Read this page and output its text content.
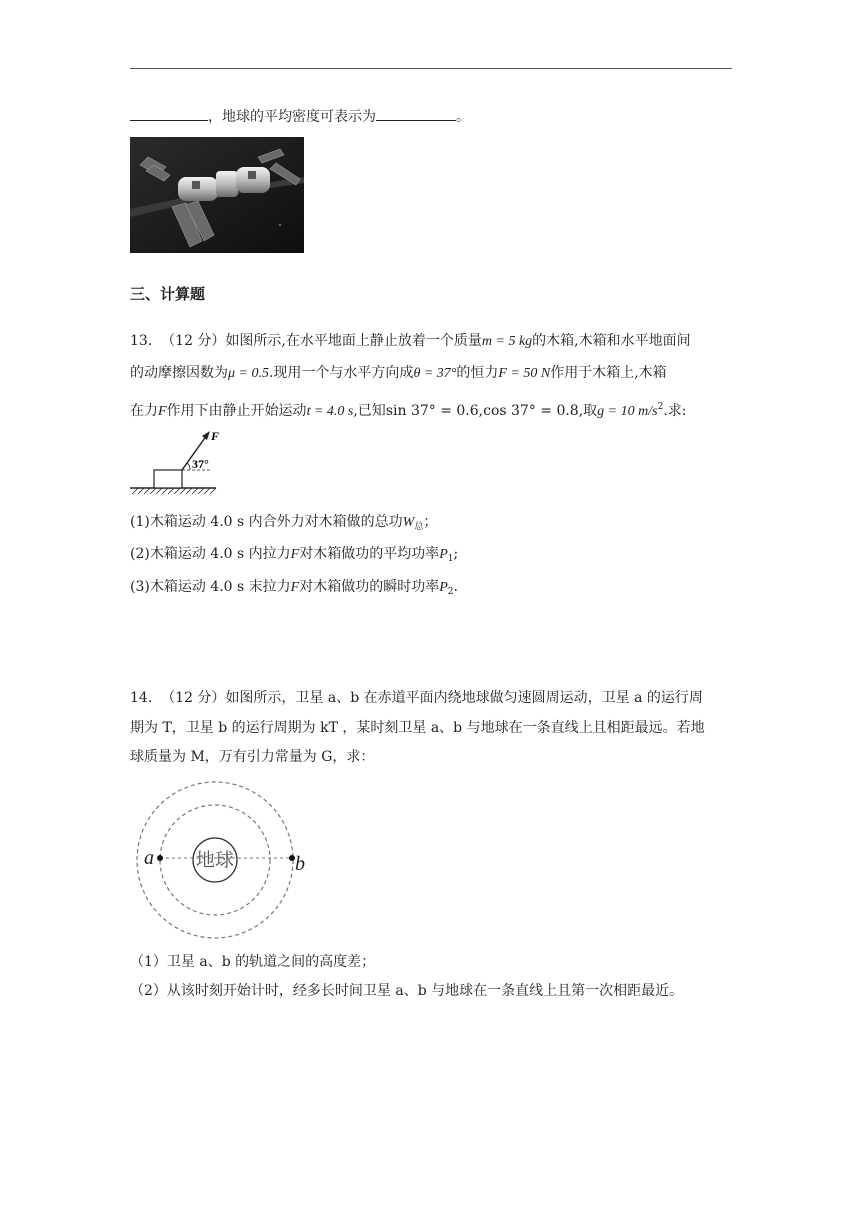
，地球的平均密度可表示为	。
三、计算题
13. （12 分）如图所示,在水平地面上静止放着一个质量m = 5 kg的木箱,木箱和水平地面间
的动摩擦因数为μ = 0.5.现用一个与水平方向成θ = 37°的恒力F = 50 N作用于木箱上,木箱
在力F作用下由静止开始运动t = 4.0 s,已知sin 37° = 0.6,cos 37° = 0.8,取g = 10 $m/s^2$.求:
F
37°
(1)木箱运动 4.0 s 内合外力对木箱做的总功$W_总$；
(2)木箱运动 4.0 s 内拉力F对木箱做功的平均功率$P_1$;
(3)木箱运动 4.0 s 末拉力F对木箱做功的瞬时功率$P_2$.
14. （12 分）如图所示，卫星 a、b 在赤道平面内绕地球做匀速圆周运动，卫星 a 的运行周
期为 T，卫星 b 的运行周期为 kT ，某时刻卫星 a、b 与地球在一条直线上且相距最远。若地
球质量为 M，万有引力常量为 G，求：
地球
a	b
（1）卫星 a、b 的轨道之间的高度差；
（2）从该时刻开始计时，经多长时间卫星 a、b 与地球在一条直线上且第一次相距最近。
